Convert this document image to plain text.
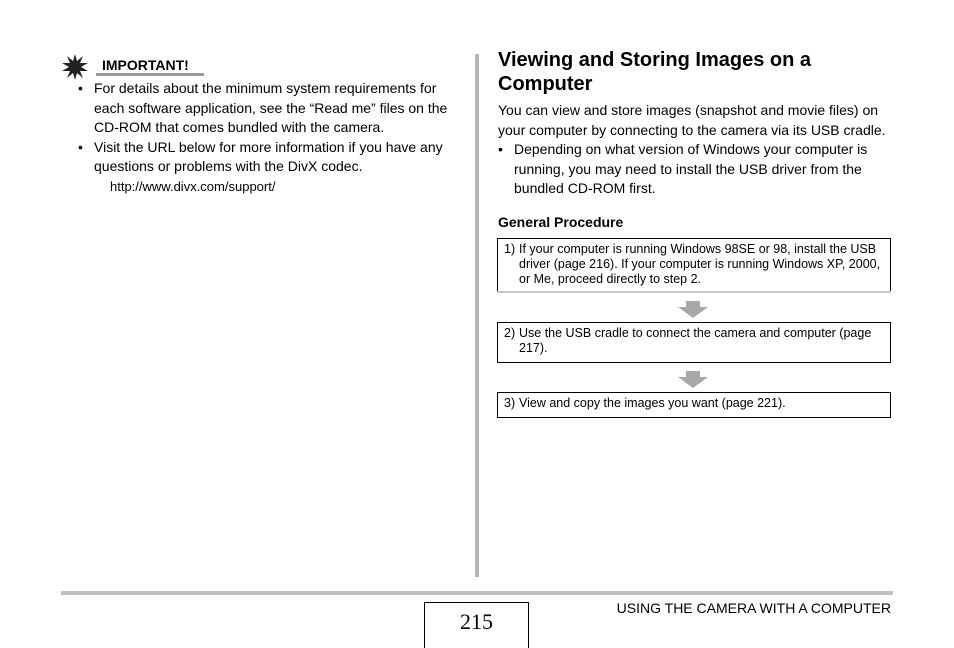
IMPORTANT!
• For details about the minimum system requirements for each software application, see the “Read me” files on the CD-ROM that comes bundled with the camera.
• Visit the URL below for more information if you have any questions or problems with the DivX codec.
http://www.divx.com/support/
Viewing and Storing Images on a Computer
You can view and store images (snapshot and movie files) on your computer by connecting to the camera via its USB cradle.
• Depending on what version of Windows your computer is running, you may need to install the USB driver from the bundled CD-ROM first.
General Procedure
1) If your computer is running Windows 98SE or 98, install the USB driver (page 216). If your computer is running Windows XP, 2000, or Me, proceed directly to step 2.
2) Use the USB cradle to connect the camera and computer (page 217).
3) View and copy the images you want (page 221).
215
USING THE CAMERA WITH A COMPUTER
